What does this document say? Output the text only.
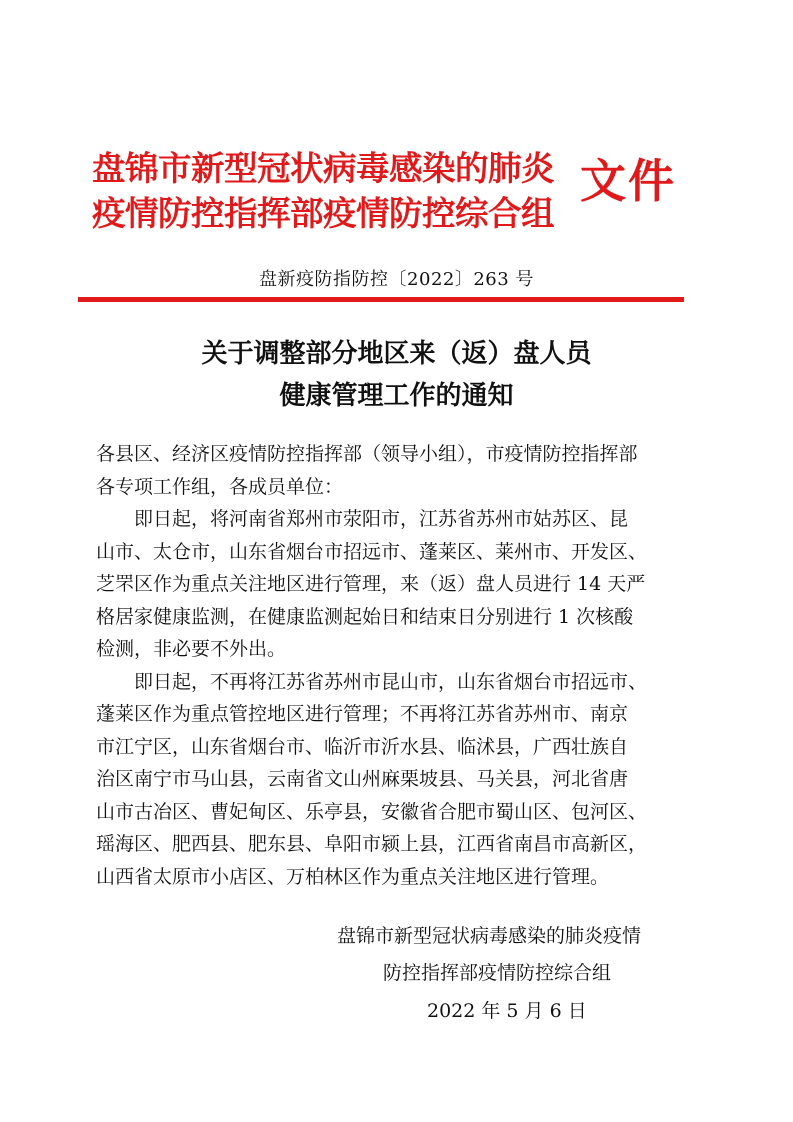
盘锦市新型冠状病毒感染的肺炎
疫情防控指挥部疫情防控综合组
文件
盘新疫防指防控〔2022〕263 号
关于调整部分地区来（返）盘人员
健康管理工作的通知
各县区、经济区疫情防控指挥部（领导小组），市疫情防控指挥部
各专项工作组，各成员单位：
　　即日起，将河南省郑州市荥阳市，江苏省苏州市姑苏区、昆
山市、太仓市，山东省烟台市招远市、蓬莱区、莱州市、开发区、
芝罘区作为重点关注地区进行管理，来（返）盘人员进行 14 天严
格居家健康监测，在健康监测起始日和结束日分别进行 1 次核酸
检测，非必要不外出。
　　即日起，不再将江苏省苏州市昆山市，山东省烟台市招远市、
蓬莱区作为重点管控地区进行管理；不再将江苏省苏州市、南京
市江宁区，山东省烟台市、临沂市沂水县、临沭县，广西壮族自
治区南宁市马山县，云南省文山州麻栗坡县、马关县，河北省唐
山市古冶区、曹妃甸区、乐亭县，安徽省合肥市蜀山区、包河区、
瑶海区、肥西县、肥东县、阜阳市颍上县，江西省南昌市高新区，
山西省太原市小店区、万柏林区作为重点关注地区进行管理。
盘锦市新型冠状病毒感染的肺炎疫情
防控指挥部疫情防控综合组
2022 年 5 月 6 日
